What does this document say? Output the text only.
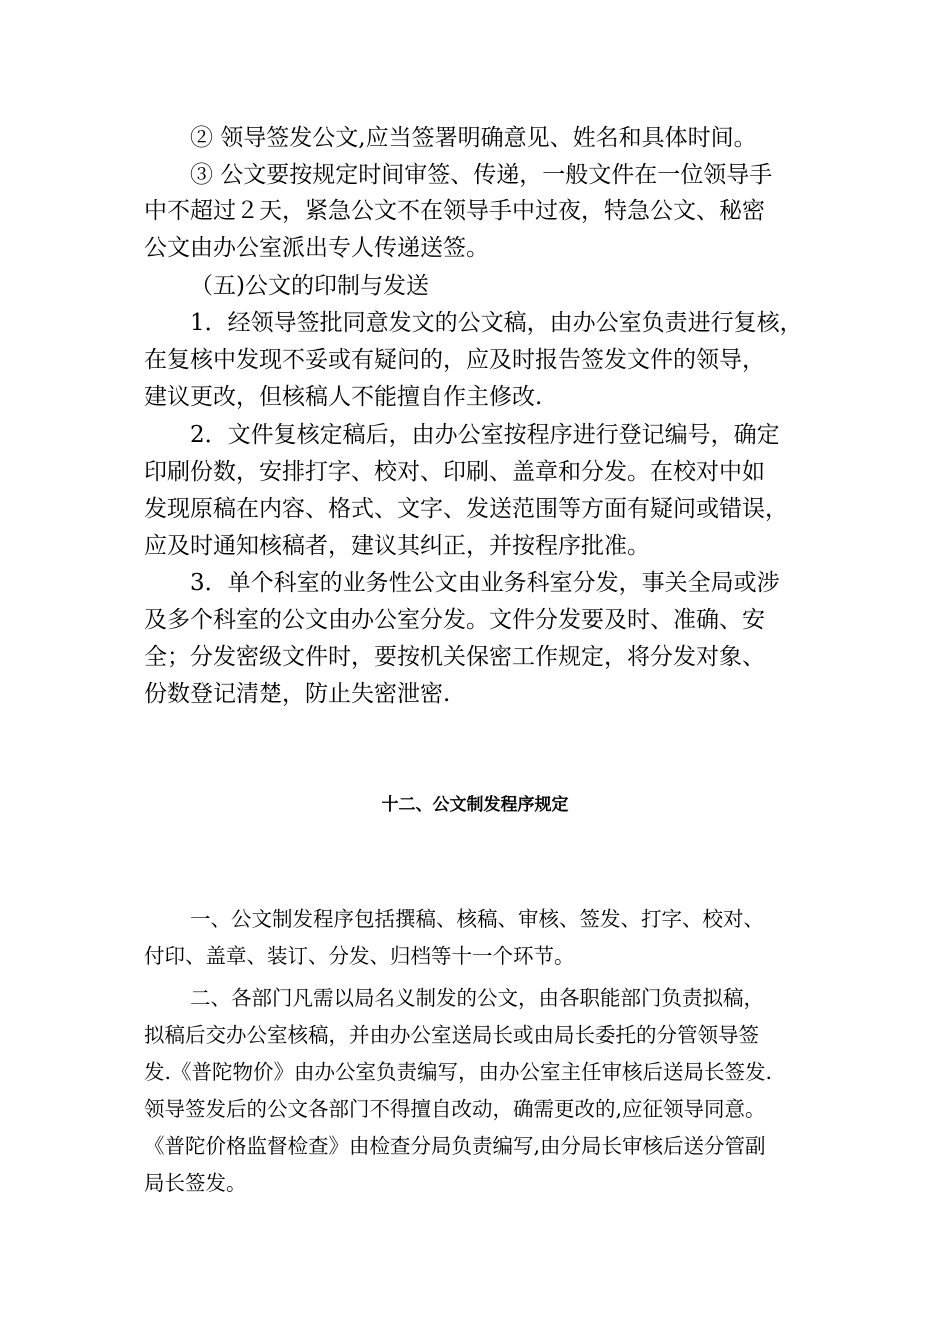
② 领导签发公文,应当签署明确意见、姓名和具体时间。
③ 公文要按规定时间审签、传递，一般文件在一位领导手
中不超过２天，紧急公文不在领导手中过夜，特急公文、秘密
公文由办公室派出专人传递送签。
（五)公文的印制与发送
1．经领导签批同意发文的公文稿，由办公室负责进行复核，
在复核中发现不妥或有疑问的，应及时报告签发文件的领导，
建议更改，但核稿人不能擅自作主修改.
2．文件复核定稿后，由办公室按程序进行登记编号，确定
印刷份数，安排打字、校对、印刷、盖章和分发。在校对中如
发现原稿在内容、格式、文字、发送范围等方面有疑问或错误，
应及时通知核稿者，建议其纠正，并按程序批准。
3．单个科室的业务性公文由业务科室分发，事关全局或涉
及多个科室的公文由办公室分发。文件分发要及时、准确、安
全；分发密级文件时，要按机关保密工作规定，将分发对象、
份数登记清楚，防止失密泄密.
十二、公文制发程序规定
一、公文制发程序包括撰稿、核稿、审核、签发、打字、校对、
付印、盖章、装订、分发、归档等十一个环节。
二、各部门凡需以局名义制发的公文，由各职能部门负责拟稿，
拟稿后交办公室核稿，并由办公室送局长或由局长委托的分管领导签
发.《普陀物价》由办公室负责编写，由办公室主任审核后送局长签发.
领导签发后的公文各部门不得擅自改动，确需更改的,应征领导同意。
《普陀价格监督检查》由检查分局负责编写,由分局长审核后送分管副
局长签发。
